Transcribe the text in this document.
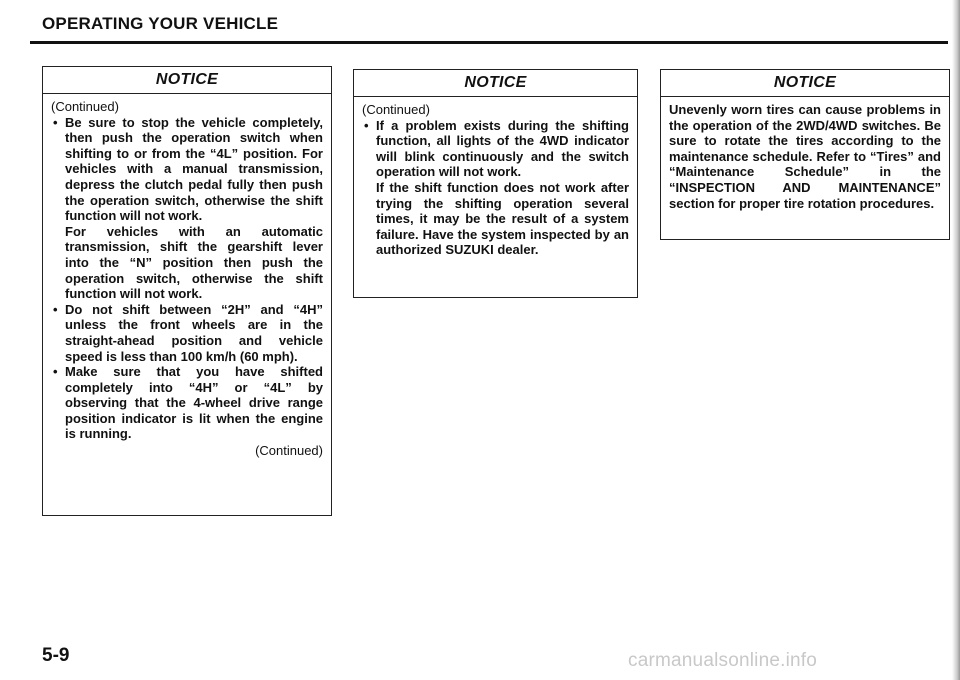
OPERATING YOUR VEHICLE
NOTICE
(Continued)
• Be sure to stop the vehicle completely, then push the operation switch when shifting to or from the “4L” position. For vehicles with a manual transmission, depress the clutch pedal fully then push the operation switch, otherwise the shift function will not work.
For vehicles with an automatic transmission, shift the gearshift lever into the “N” position then push the operation switch, otherwise the shift function will not work.
• Do not shift between “2H” and “4H” unless the front wheels are in the straight-ahead position and vehicle speed is less than 100 km/h (60 mph).
• Make sure that you have shifted completely into “4H” or “4L” by observing that the 4-wheel drive range position indicator is lit when the engine is running.
(Continued)
NOTICE
(Continued)
• If a problem exists during the shifting function, all lights of the 4WD indicator will blink continuously and the switch operation will not work.
If the shift function does not work after trying the shifting operation several times, it may be the result of a system failure. Have the system inspected by an authorized SUZUKI dealer.
NOTICE
Unevenly worn tires can cause problems in the operation of the 2WD/4WD switches. Be sure to rotate the tires according to the maintenance schedule. Refer to “Tires” and “Maintenance Schedule” in the “INSPECTION AND MAINTENANCE” section for proper tire rotation procedures.
5-9	carmanualsonline.info
